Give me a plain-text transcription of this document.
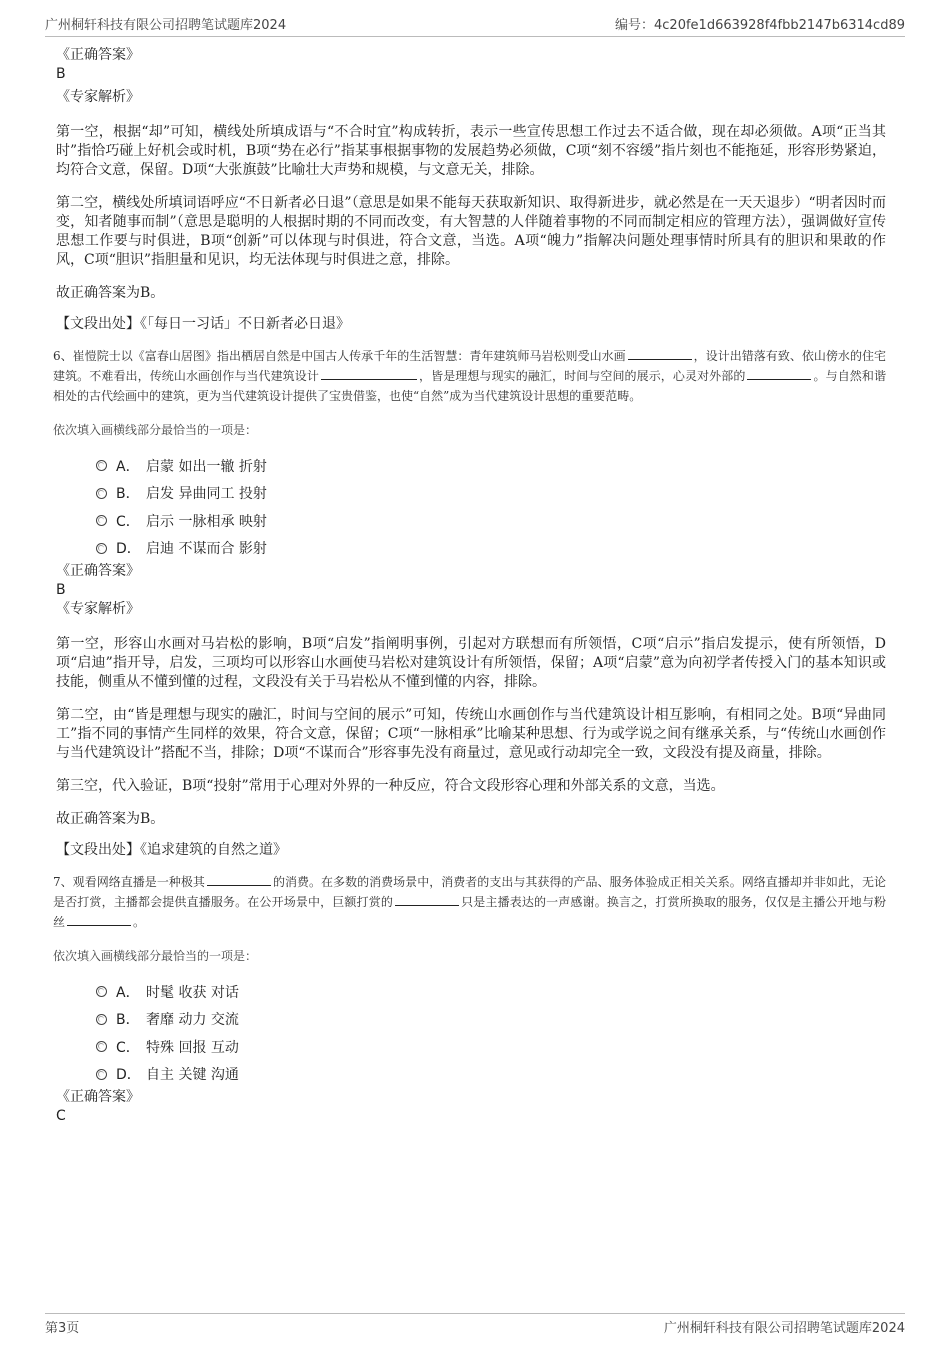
广州桐轩科技有限公司招聘笔试题库2024	编号：4c20fe1d663928f4fbb2147b6314cd89
《正确答案》
B
《专家解析》
第一空，根据“却”可知，横线处所填成语与“不合时宜”构成转折，表示一些宣传思想工作过去不适合做，现在却必须做。A项“正当其时”指恰巧碰上好机会或时机，B项“势在必行”指某事根据事物的发展趋势必须做，C项“刻不容缓”指片刻也不能拖延，形容形势紧迫，均符合文意，保留。D项“大张旗鼓”比喻壮大声势和规模，与文意无关，排除。
第二空，横线处所填词语呼应“不日新者必日退”（意思是如果不能每天获取新知识、取得新进步，就必然是在一天天退步）“明者因时而变，知者随事而制”（意思是聪明的人根据时期的不同而改变，有大智慧的人伴随着事物的不同而制定相应的管理方法），强调做好宣传思想工作要与时俱进，B项“创新”可以体现与时俱进，符合文意，当选。A项“魄力”指解决问题处理事情时所具有的胆识和果敢的作风，C项“胆识”指胆量和见识，均无法体现与时俱进之意，排除。
故正确答案为B。
【文段出处】《「每日一习话」不日新者必日退》
6、崔愷院士以《富春山居图》指出栖居自然是中国古人传承千年的生活智慧：青年建筑师马岩松则受山水画	，设计出错落有致、依山傍水的住宅建筑。不难看出，传统山水画创作与当代建筑设计	，皆是理想与现实的融汇，时间与空间的展示，心灵对外部的	。与自然和谐相处的古代绘画中的建筑，更为当代建筑设计提供了宝贵借鉴，也使“自然”成为当代建筑设计思想的重要范畴。
依次填入画横线部分最恰当的一项是：
A． 启蒙 如出一辙 折射
B． 启发 异曲同工 投射
C． 启示 一脉相承 映射
D． 启迪 不谋而合 影射
《正确答案》
B
《专家解析》
第一空，形容山水画对马岩松的影响，B项“启发”指阐明事例，引起对方联想而有所领悟，C项“启示”指启发提示，使有所领悟，D项“启迪”指开导，启发，三项均可以形容山水画使马岩松对建筑设计有所领悟，保留；A项“启蒙”意为向初学者传授入门的基本知识或技能，侧重从不懂到懂的过程，文段没有关于马岩松从不懂到懂的内容，排除。
第二空，由“皆是理想与现实的融汇，时间与空间的展示”可知，传统山水画创作与当代建筑设计相互影响，有相同之处。B项“异曲同工”指不同的事情产生同样的效果，符合文意，保留；C项“一脉相承”比喻某种思想、行为或学说之间有继承关系，与“传统山水画创作与当代建筑设计”搭配不当，排除；D项“不谋而合”形容事先没有商量过，意见或行动却完全一致，文段没有提及商量，排除。
第三空，代入验证，B项“投射”常用于心理对外界的一种反应，符合文段形容心理和外部关系的文意，当选。
故正确答案为B。
【文段出处】《追求建筑的自然之道》
7、观看网络直播是一种极其	的消费。在多数的消费场景中，消费者的支出与其获得的产品、服务体验成正相关关系。网络直播却并非如此，无论是否打赏，主播都会提供直播服务。在公开场景中，巨额打赏的	只是主播表达的一声感谢。换言之，打赏所换取的服务，仅仅是主播公开地与粉丝	。
依次填入画横线部分最恰当的一项是：
A． 时髦 收获 对话
B． 奢靡 动力 交流
C． 特殊 回报 互动
D． 自主 关键 沟通
《正确答案》
C
第3页	广州桐轩科技有限公司招聘笔试题库2024
